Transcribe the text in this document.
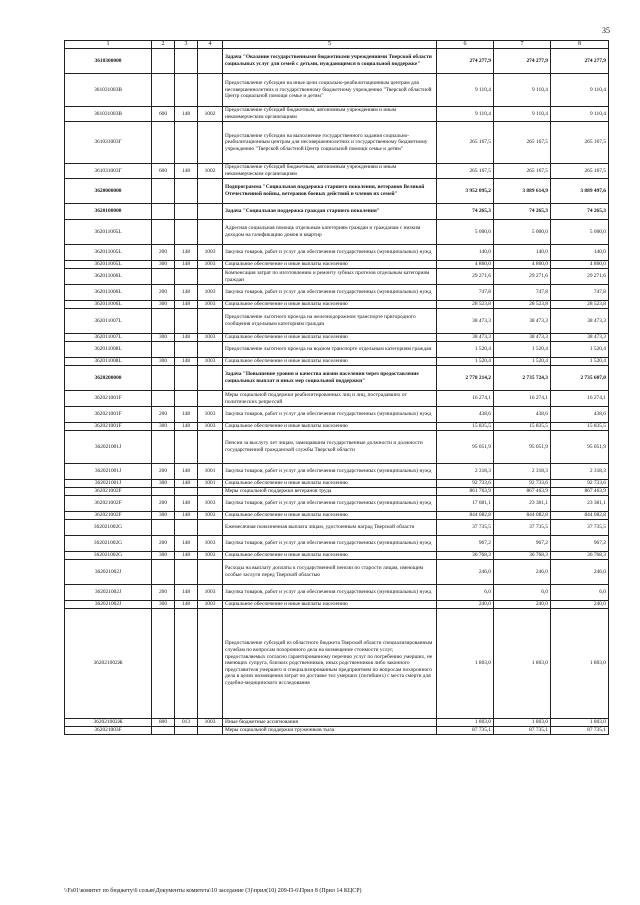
35
1	2	3	4	5	6	7	8
3610300000				Задача "Оказание государственными бюджетными учреждениями Тверской области социальных услуг для семей с детьми, нуждающимся в социальной поддержке"	274 277,9	274 277,9	274 277,9
361031003В				Предоставление субсидии на иные цели социально-реабилитационным центрам для несовершеннолетних и государственному бюджетному учреждению "Тверской областной Центр социальной помощи семье и детям"	9 110,4	9 110,4	9 110,4
361031003В	600	148	1002	Предоставление субсидий бюджетным, автономным учреждениям и иным некоммерческим организациям	9 110,4	9 110,4	9 110,4
361031003Г				Предоставление субсидии на выполнение государственного задания социально-реабилитационным центрам для несовершеннолетних и государственному бюджетному учреждению "Тверской областной Центр социальной помощи семье и детям"	265 167,5	265 167,5	265 167,5
361031003Г	600	148	1002	Предоставление субсидий бюджетным, автономным учреждениям и иным некоммерческим организациям	265 167,5	265 167,5	265 167,5
3620000000				Подпрограмма "Социальная поддержка старшего поколения, ветеранов Великой Отечественной войны, ветеранов боевых действий и членов их семей"	3 952 095,2	3 889 614,9	3 889 497,6
3620100000				Задача "Социальная поддержка граждан старшего поколения"	74 265,3	74 265,3	74 265,3
362011005L				Адресная социальная помощь отдельным категориям граждан и гражданам с низким доходом на газификацию домов и квартир	5 000,0	5 000,0	5 000,0
362011005L	200	148	1003	Закупка товаров, работ и услуг для обеспечения государственных (муниципальных) нужд	140,0	140,0	140,0
362011005L	300	148	1003	Социальное обеспечение и иные выплаты населению	4 860,0	4 860,0	4 860,0
362011006L				Компенсация затрат по изготовлению и ремонту зубных протезов отдельным категориям граждан	29 271,6	29 271,6	29 271,6
362011006L	200	148	1003	Закупка товаров, работ и услуг для обеспечения государственных (муниципальных) нужд	747,8	747,8	747,8
362011006L	300	148	1003	Социальное обеспечение и иные выплаты населению	28 523,8	28 523,8	28 523,8
362011007L				Предоставление льготного проезда на железнодорожном транспорте пригородного сообщения отдельным категориям граждан	38 473,3	38 473,3	38 473,3
362011007L	300	148	1003	Социальное обеспечение и иные выплаты населению	38 473,3	38 473,3	38 473,3
362011008L				Предоставление льготного проезда на водном транспорте отдельным категориям граждан	1 520,4	1 520,4	1 520,4
362011008L	300	148	1003	Социальное обеспечение и иные выплаты населению	1 520,4	1 520,4	1 520,4
3620200000				Задача "Повышение уровня и качества жизни населения через предоставление социальных выплат и иных мер социальной поддержки"	2 778 214,2	2 735 724,3	2 735 607,0
362021001F				Меры социальной поддержки реабилитированных лиц и лиц, пострадавших от политических репрессий	16 274,1	16 274,1	16 274,1
362021001F	200	148	1003	Закупка товаров, работ и услуг для обеспечения государственных (муниципальных) нужд	438,6	438,6	438,6
362021001F	300	148	1003	Социальное обеспечение и иные выплаты населению	15 835,5	15 835,5	15 835,5
362021001J				Пенсии за выслугу лет лицам, замещавшим государственные должности и должности государственной гражданской службы Тверской области	95 051,9	95 051,9	95 051,9
362021001J	200	148	1001	Закупка товаров, работ и услуг для обеспечения государственных (муниципальных) нужд	2 318,3	2 318,3	2 318,3
362021001J	300	148	1001	Социальное обеспечение и иные выплаты населению	92 733,6	92 733,6	92 733,6
362021002F				Меры социальной поддержки ветеранов труда	861 763,9	867 463,9	867 463,9
362021002F	200	148	1003	Закупка товаров, работ и услуг для обеспечения государственных (муниципальных) нужд	17 681,1	23 381,1	23 381,1
362021002F	300	148	1003	Социальное обеспечение и иные выплаты населению	844 082,8	844 082,8	844 082,8
362021002G				Ежемесячная пожизненная выплата лицам, удостоенным наград Тверской области	37 735,5	37 735,5	37 735,5
362021002G	200	148	1003	Закупка товаров, работ и услуг для обеспечения государственных (муниципальных) нужд	967,2	967,2	967,2
362021002G	300	148	1003	Социальное обеспечение и иные выплаты населению	36 768,3	36 768,3	36 768,3
362021002J				Расходы на выплату доплаты к государственной пенсии по старости лицам, имеющим особые заслуги перед Тверской областью	246,0	246,0	246,0
362021002J	200	148	1003	Закупка товаров, работ и услуг для обеспечения государственных (муниципальных) нужд	6,0	6,0	6,0
362021002J	300	148	1003	Социальное обеспечение и иные выплаты населению	240,0	240,0	240,0
362021002Ж				Предоставление субсидий из областного бюджета Тверской области специализированным службам по вопросам похоронного дела на возмещение стоимости услуг, предоставляемых согласно гарантированному перечню услуг по погребению умерших, не имеющих супруга, близких родственников, иных родственников либо законного представителя умершего и специализированным предприятиям по вопросам похоронного дела в целях возмещения затрат по доставке тел умерших (погибших) с места смерти для судебно-медицинского исследования	1 803,0	1 803,0	1 803,0
362021002Ж	800	013	1003	Иные бюджетные ассигнования	1 803,0	1 803,0	1 803,0
362021003F				Меры социальной поддержки тружеников тыла	87 735,1	87 735,1	87 735,1
\\Fs01\комитет по бюджету\6 созыв\Документы комитета\10 заседание (3)\прил(10) 209-П-6\Прил 8 (Прил 14 КЦСР)
